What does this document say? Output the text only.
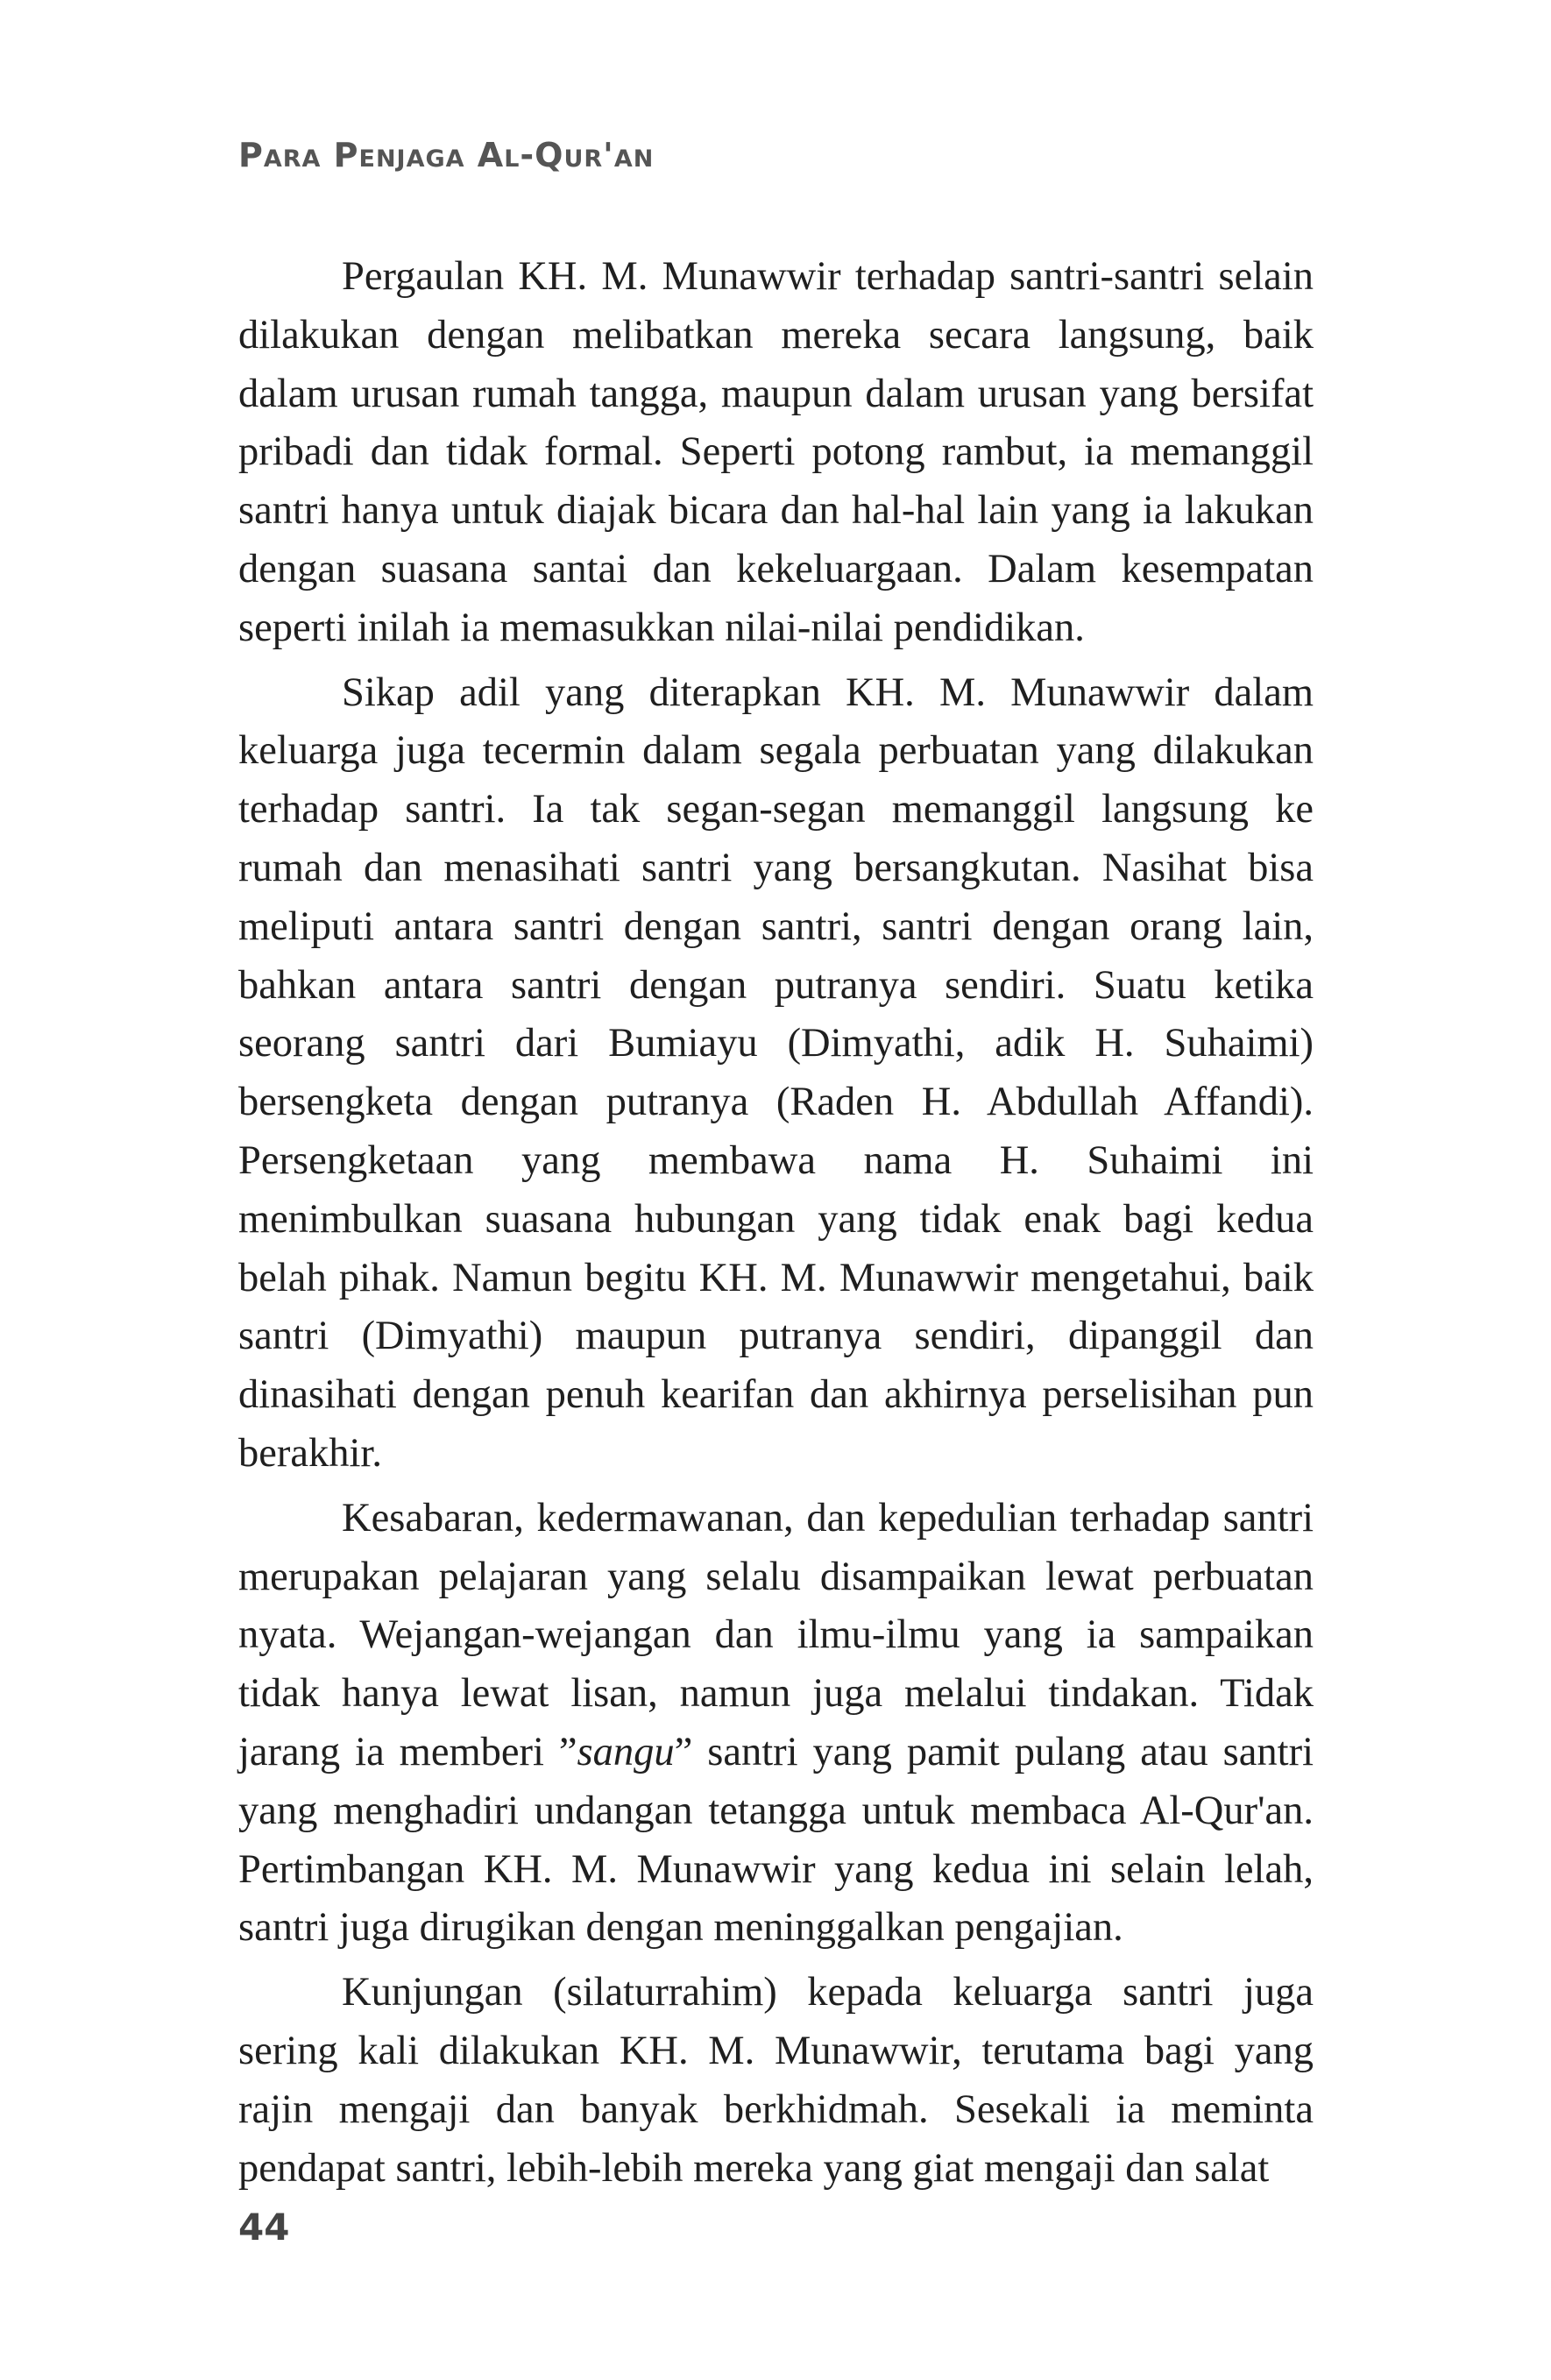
Para Penjaga Al-Qur'an

Pergaulan KH. M. Munawwir terhadap santri-santri selain dilakukan dengan melibatkan mereka secara langsung, baik dalam urusan rumah tangga, maupun dalam urusan yang bersifat pribadi dan tidak formal. Seperti potong rambut, ia memanggil santri hanya untuk diajak bicara dan hal-hal lain yang ia lakukan dengan suasana santai dan kekeluargaan. Dalam kesempatan seperti inilah ia memasukkan nilai-nilai pendidikan.

Sikap adil yang diterapkan KH. M. Munawwir dalam keluarga juga tecermin dalam segala perbuatan yang dilakukan terhadap santri. Ia tak segan-segan memanggil langsung ke rumah dan menasihati santri yang bersangkutan. Nasihat bisa meliputi antara santri dengan santri, santri dengan orang lain, bahkan antara santri dengan putranya sendiri. Suatu ketika seorang santri dari Bumiayu (Dimyathi, adik H. Suhaimi) bersengketa dengan putranya (Raden H. Abdullah Affandi). Persengketaan yang membawa nama H. Suhaimi ini menimbulkan suasana hubungan yang tidak enak bagi kedua belah pihak. Namun begitu KH. M. Munawwir mengetahui, baik santri (Dimyathi) maupun putranya sendiri, dipanggil dan dinasihati dengan penuh kearifan dan akhirnya perselisihan pun berakhir.

Kesabaran, kedermawanan, dan kepedulian terhadap santri merupakan pelajaran yang selalu disampaikan lewat perbuatan nyata. Wejangan-wejangan dan ilmu-ilmu yang ia sampaikan tidak hanya lewat lisan, namun juga melalui tindakan. Tidak jarang ia memberi ”sangu” santri yang pamit pulang atau santri yang menghadiri undangan tetangga untuk membaca Al-Qur'an. Pertimbangan KH. M. Munawwir yang kedua ini selain lelah, santri juga dirugikan dengan meninggalkan pengajian.

Kunjungan (silaturrahim) kepada keluarga santri juga sering kali dilakukan KH. M. Munawwir, terutama bagi yang rajin mengaji dan banyak berkhidmah. Sesekali ia meminta pendapat santri, lebih-lebih mereka yang giat mengaji dan salat

44
